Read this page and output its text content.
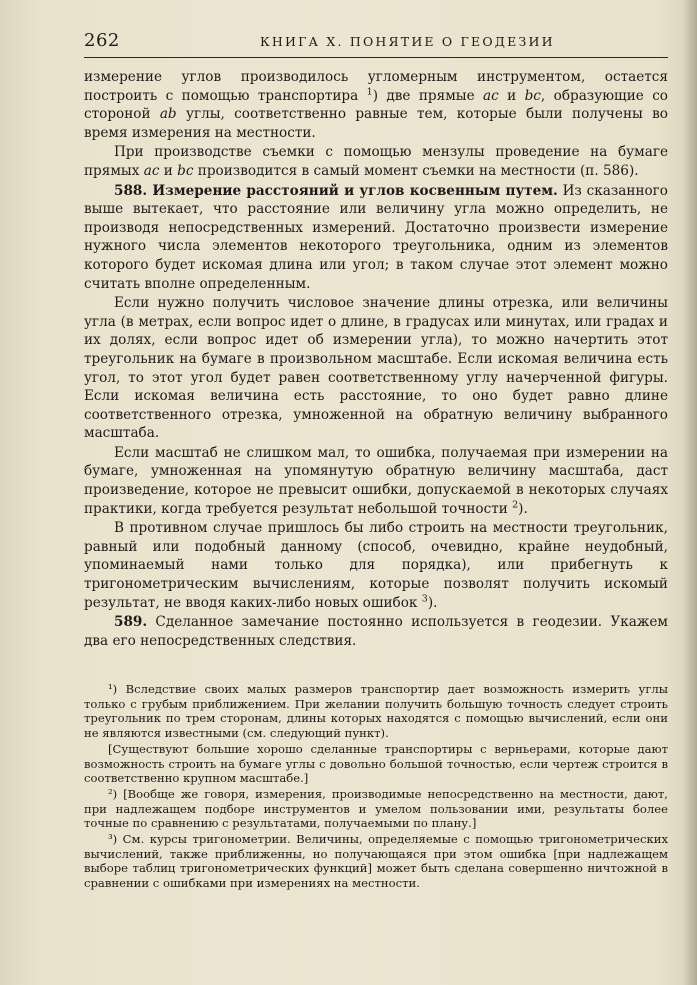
262	КНИГА X. ПОНЯТИЕ О ГЕОДЕЗИИ

измерение углов производилось угломерным инструментом, остается построить с помощью транспортира $^1$) две прямые ac и bc, образующие со стороной ab углы, соответственно равные тем, которые были получены во время измерения на местности.

При производстве съемки с помощью мензулы проведение на бумаге прямых ac и bc производится в самый момент съемки на местности (п. 586).

588. Измерение расстояний и углов косвенным путем. Из сказанного выше вытекает, что расстояние или величину угла можно определить, не производя непосредственных измерений. Достаточно произвести измерение нужного числа элементов некоторого треугольника, одним из элементов которого будет искомая длина или угол; в таком случае этот элемент можно считать вполне определенным.

Если нужно получить числовое значение длины отрезка, или величины угла (в метрах, если вопрос идет о длине, в градусах или минутах, или градах и их долях, если вопрос идет об измерении угла), то можно начертить этот треугольник на бумаге в произвольном масштабе. Если искомая величина есть угол, то этот угол будет равен соответственному углу начерченной фигуры. Если искомая величина есть расстояние, то оно будет равно длине соответственного отрезка, умноженной на обратную величину выбранного масштаба.

Если масштаб не слишком мал, то ошибка, получаемая при измерении на бумаге, умноженная на упомянутую обратную величину масштаба, даст произведение, которое не превысит ошибки, допускаемой в некоторых случаях практики, когда требуется результат небольшой точности $^2$).

В противном случае пришлось бы либо строить на местности треугольник, равный или подобный данному (способ, очевидно, крайне неудобный, упоминаемый нами только для порядка), или прибегнуть к тригонометрическим вычислениям, которые позволят получить искомый результат, не вводя каких-либо новых ошибок $^3$).

589. Сделанное замечание постоянно используется в геодезии. Укажем два его непосредственных следствия.

¹) Вследствие своих малых размеров транспортир дает возможность измерить углы только с грубым приближением. При желании получить большую точность следует строить треугольник по трем сторонам, длины которых находятся с помощью вычислений, если они не являются известными (см. следующий пункт).

[Существуют большие хорошо сделанные транспортиры с верньерами, которые дают возможность строить на бумаге углы с довольно большой точностью, если чертеж строится в соответственно крупном масштабе.]

²) [Вообще же говоря, измерения, производимые непосредственно на местности, дают, при надлежащем подборе инструментов и умелом пользовании ими, результаты более точные по сравнению с результатами, получаемыми по плану.]

³) См. курсы тригонометрии. Величины, определяемые с помощью тригонометрических вычислений, также приближенны, но получающаяся при этом ошибка [при надлежащем выборе таблиц тригонометрических функций] может быть сделана совершенно ничтожной в сравнении с ошибками при измерениях на местности.
